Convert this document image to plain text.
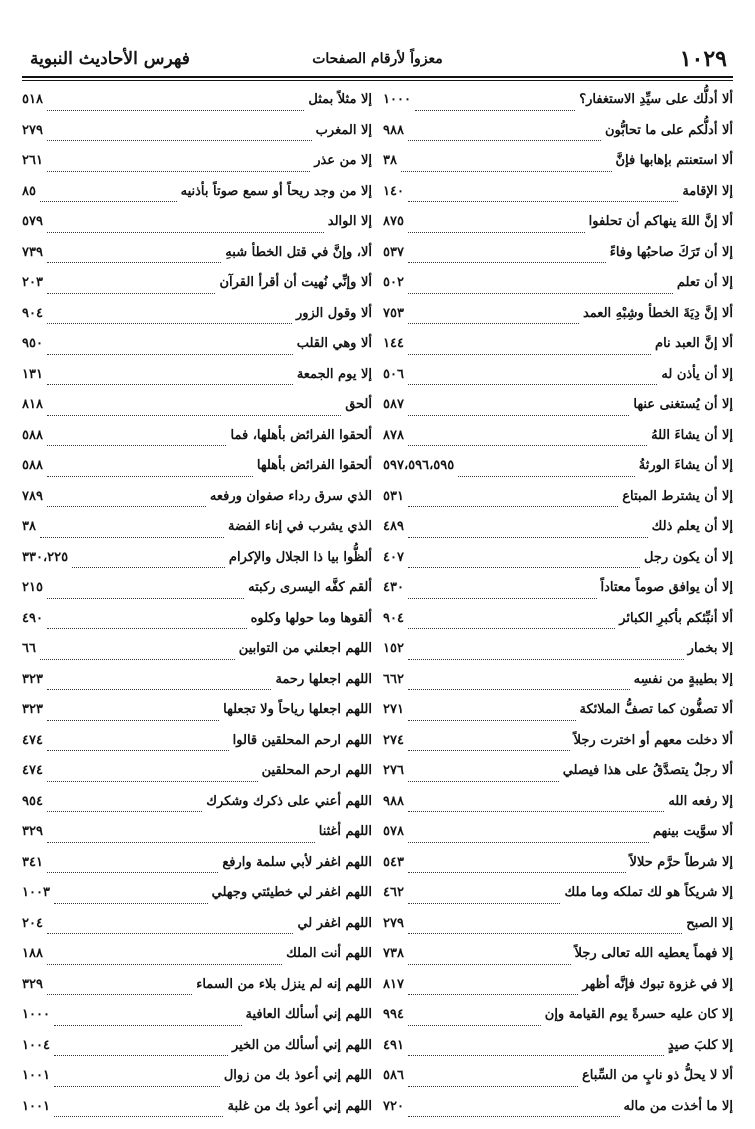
١٠٢٩
معزواً لأرقام الصفحات
فهرس الأحاديث النبوية
ألا أدلُّك على سيِّدِ الاستغفار؟
١٠٠٠
ألا أدلُّكم على ما تحابُّون
٩٨٨
ألا استعنتم بإهابها فإنَّ
٣٨
إلا الإقامة
١٤٠
ألا إنَّ اللهَ ينهاكم أن تحلفوا
٨٧٥
إلا أن تَرَكَ صاحبُها وفاءً
٥٣٧
إلا أن تعلم
٥٠٢
ألا إنَّ دِيَةَ الخطأ وشِبْهِ العمد
٧٥٣
ألا إنَّ العبد نام
١٤٤
إلا أن يأذن له
٥٠٦
إلا أن يُستغنى عنها
٥٨٧
إلا أن يشاءَ اللهُ
٨٧٨
إلا أن يشاءَ الورثةُ
٥٩٧،٥٩٦،٥٩٥
إلا أن يشترط المبتاع
٥٣١
إلا أن يعلم ذلك
٤٨٩
إلا أن يكون رجل
٤٠٧
إلا أن يوافق صوماً معتاداً
٤٣٠
ألا أنبِّئكم بأكبرِ الكبائر
٩٠٤
إلا بخمار
١٥٢
إلا بطيبةٍ من نفسِه
٦٦٢
ألا تصفُّون كما تصفُّ الملائكة
٢٧١
ألا دخلت معهم أو اخترت رجلاً
٢٧٤
ألا رجلٌ يتصدَّقُ على هذا فيصلي
٢٧٦
إلا رفعه الله
٩٨٨
ألا سوَّيت بينهم
٥٧٨
إلا شرطاً حرَّم حلالاً
٥٤٣
إلا شريكاً هو لك تملكه وما ملك
٤٦٢
إلا الصبح
٢٧٩
إلا فهماً يعطيه الله تعالى رجلاً
٧٣٨
إلا في غزوة تبوك فإنَّه أظهر
٨١٧
إلا كان عليه حسرةً يوم القيامة وإن
٩٩٤
إلا كلبَ صيدٍ
٤٩١
ألا لا يحلُّ ذو نابٍ من السِّباع
٥٨٦
إلا ما أخذت من ماله
٧٢٠
إلا مثلاً بمثل
٥١٨
إلا المغرب
٢٧٩
إلا من عذر
٢٦١
إلا من وجد ريحاً أو سمع صوتاً بأذنيه
٨٥
إلا الوالد
٥٧٩
ألا، وإنَّ في قتل الخطأ شبهِ
٧٣٩
ألا وإنِّي نُهيت أن أقرأ القرآن
٢٠٣
ألا وقول الزور
٩٠٤
ألا وهي القلب
٩٥٠
إلا يوم الجمعة
١٣١
ألحق
٨١٨
ألحقوا الفرائض بأهلها، فما
٥٨٨
ألحقوا الفرائض بأهلها
٥٨٨
الذي سرق رداء صفوان ورفعه
٧٨٩
الذي يشرب في إناء الفضة
٣٨
ألظُّوا بيا ذا الجلال والإكرام
٣٣٠،٢٢٥
ألقم كفَّه اليسرى ركبته
٢١٥
ألقوها وما حولها وكلوه
٤٩٠
اللهم اجعلني من التوابين
٦٦
اللهم اجعلها رحمة
٣٢٣
اللهم اجعلها رياحاً ولا تجعلها
٣٢٣
اللهم ارحم المحلقين قالوا
٤٧٤
اللهم ارحم المحلقين
٤٧٤
اللهم أعني على ذكرك وشكرك
٩٥٤
اللهم أغثنا
٣٢٩
اللهم اغفر لأبي سلمة وارفع
٣٤١
اللهم اغفر لي خطيئتي وجهلي
١٠٠٣
اللهم اغفر لي
٢٠٤
اللهم أنت الملك
١٨٨
اللهم إنه لم ينزل بلاء من السماء
٣٢٩
اللهم إني أسألك العافية
١٠٠٠
اللهم إني أسألك من الخير
١٠٠٤
اللهم إني أعوذ بك من زوال
١٠٠١
اللهم إني أعوذ بك من غلبة
١٠٠١
